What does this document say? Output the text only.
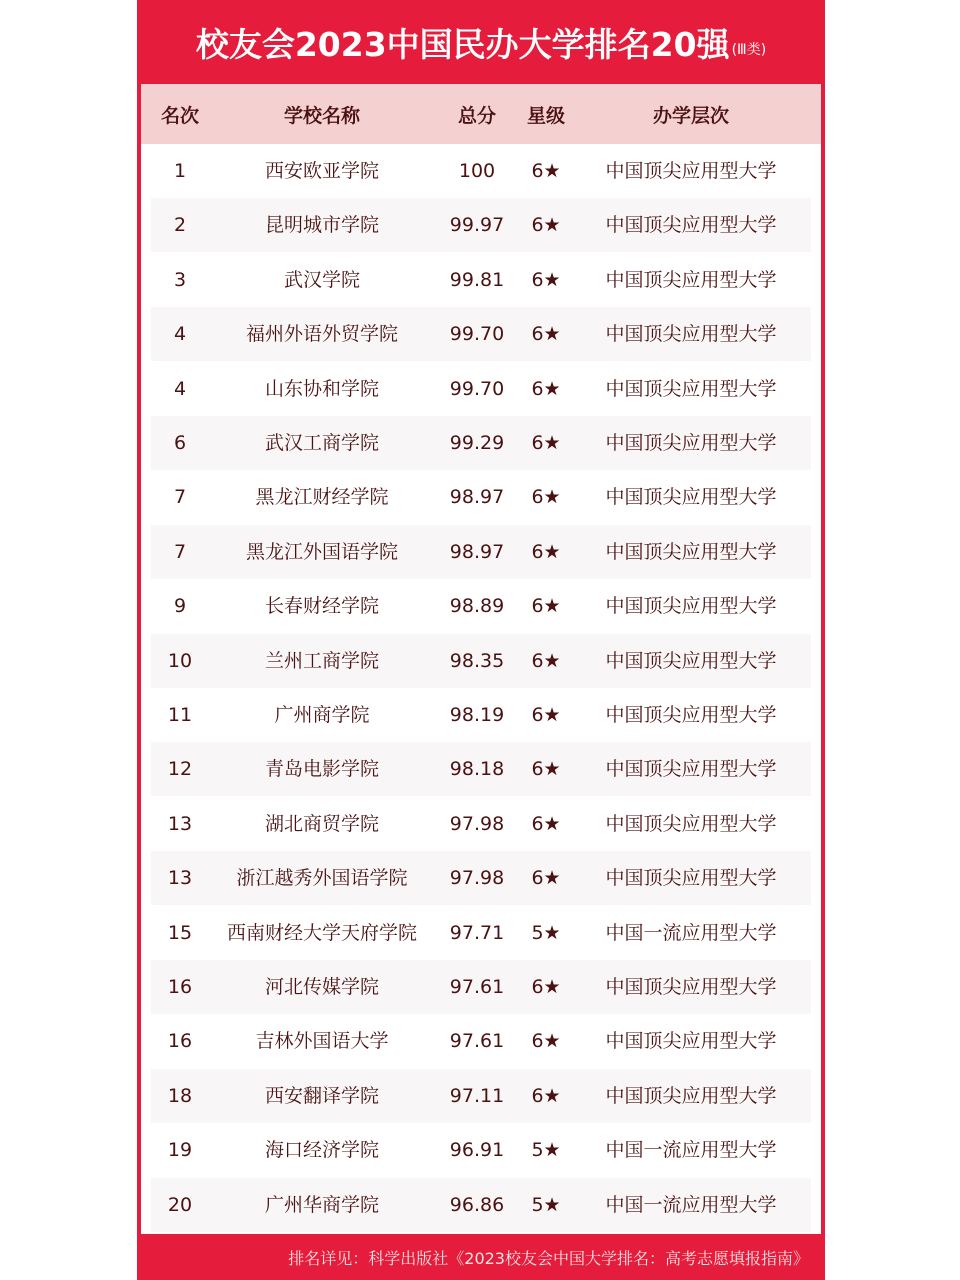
校友会2023中国民办大学排名20强 (Ⅲ类)
名次	学校名称	总分	星级	办学层次
1	西安欧亚学院	100	6★	中国顶尖应用型大学
2	昆明城市学院	99.97	6★	中国顶尖应用型大学
3	武汉学院	99.81	6★	中国顶尖应用型大学
4	福州外语外贸学院	99.70	6★	中国顶尖应用型大学
4	山东协和学院	99.70	6★	中国顶尖应用型大学
6	武汉工商学院	99.29	6★	中国顶尖应用型大学
7	黑龙江财经学院	98.97	6★	中国顶尖应用型大学
7	黑龙江外国语学院	98.97	6★	中国顶尖应用型大学
9	长春财经学院	98.89	6★	中国顶尖应用型大学
10	兰州工商学院	98.35	6★	中国顶尖应用型大学
11	广州商学院	98.19	6★	中国顶尖应用型大学
12	青岛电影学院	98.18	6★	中国顶尖应用型大学
13	湖北商贸学院	97.98	6★	中国顶尖应用型大学
13	浙江越秀外国语学院	97.98	6★	中国顶尖应用型大学
15	西南财经大学天府学院	97.71	5★	中国一流应用型大学
16	河北传媒学院	97.61	6★	中国顶尖应用型大学
16	吉林外国语大学	97.61	6★	中国顶尖应用型大学
18	西安翻译学院	97.11	6★	中国顶尖应用型大学
19	海口经济学院	96.91	5★	中国一流应用型大学
20	广州华商学院	96.86	5★	中国一流应用型大学
排名详见：科学出版社《2023校友会中国大学排名：高考志愿填报指南》
